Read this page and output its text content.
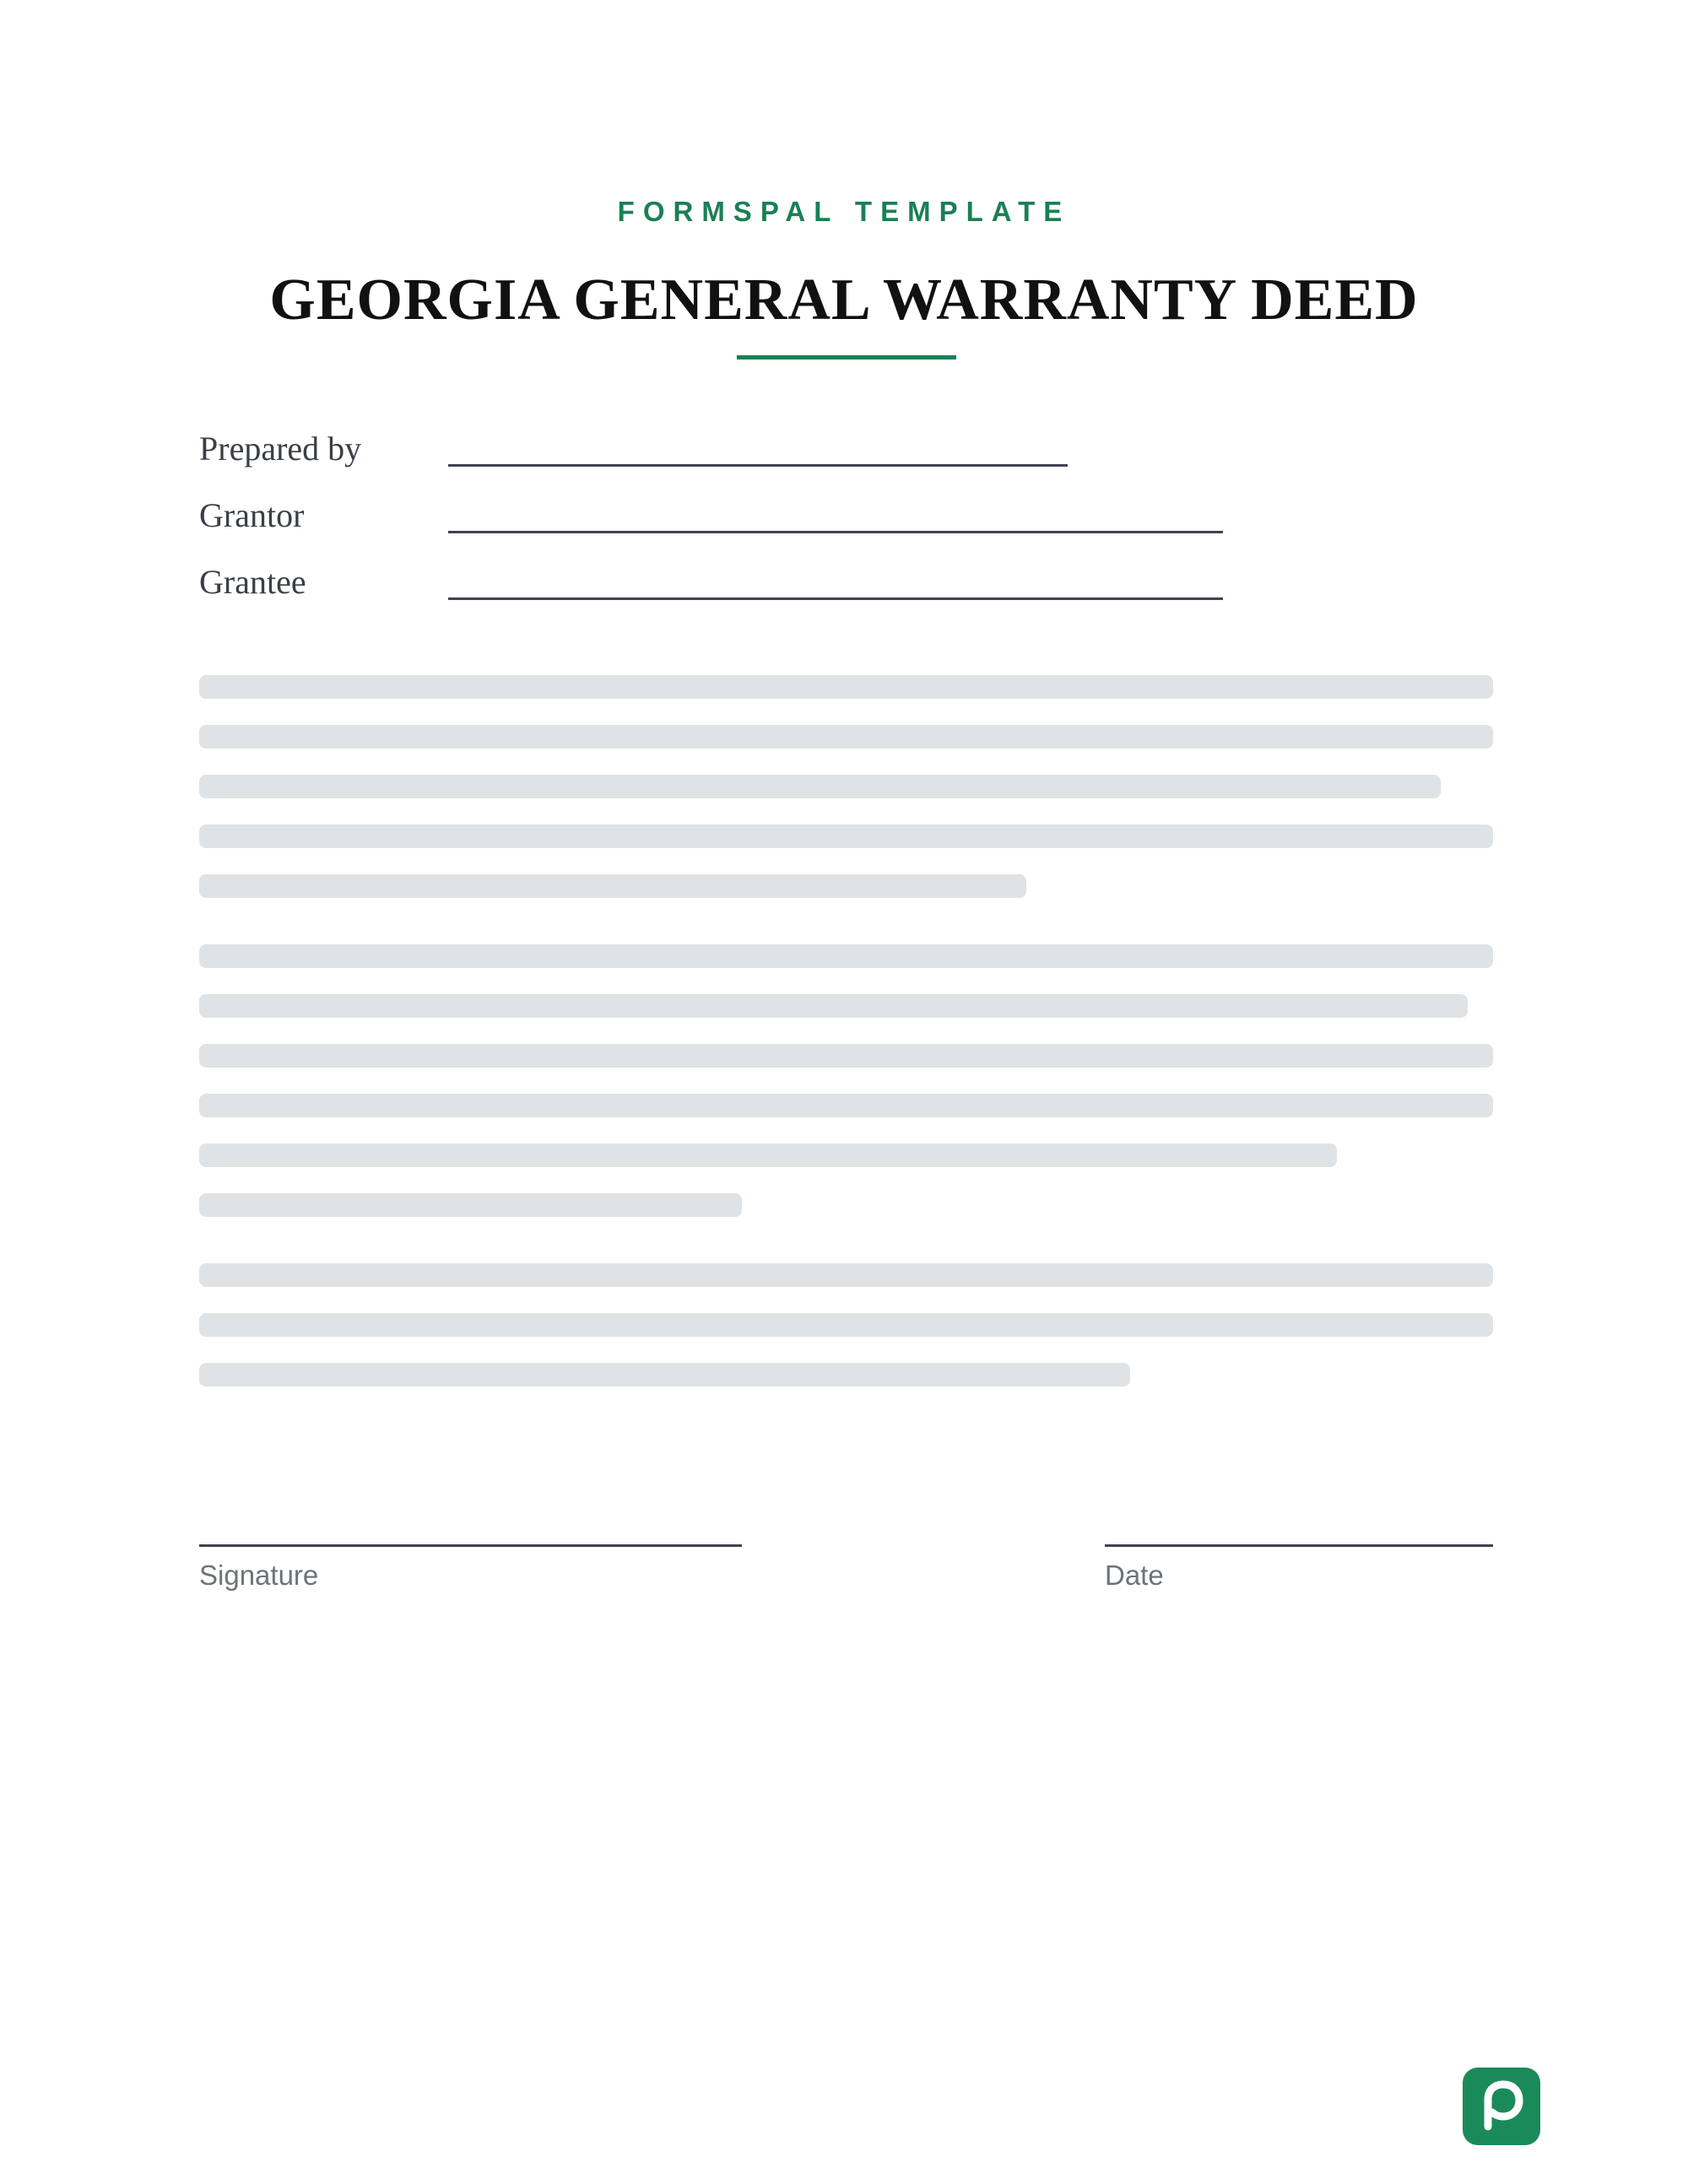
FORMSPAL TEMPLATE
GEORGIA GENERAL WARRANTY DEED
Prepared by
Grantor
Grantee
Signature	Date
